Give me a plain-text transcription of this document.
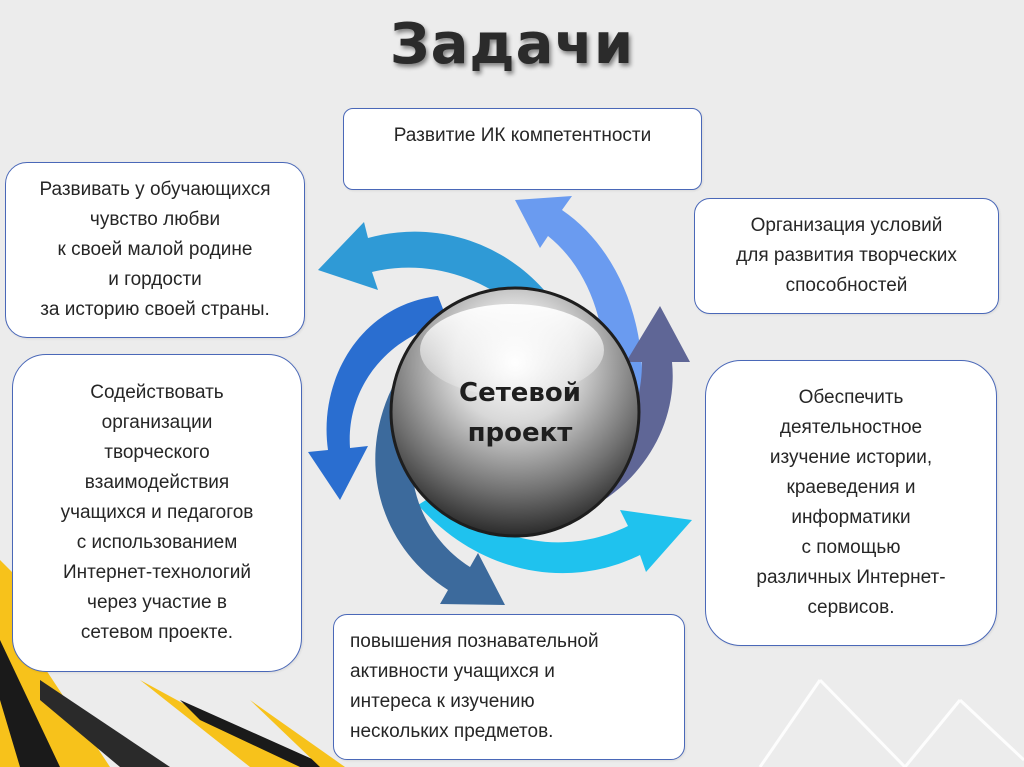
Задачи
Сетевой
проект
Развитие ИК компетентности
Развивать у обучающихся
чувство любви
к своей малой родине
и гордости
за историю своей страны.
Организация условий
для развития творческих
способностей
Содействовать
организации
творческого
взаимодействия
учащихся и педагогов
с использованием
Интернет-технологий
через участие в
сетевом проекте.
Обеспечить
деятельностное
изучение истории,
краеведения и
информатики
с помощью
различных Интернет-
сервисов.
повышения познавательной
активности учащихся и
интереса к изучению
нескольких предметов.
